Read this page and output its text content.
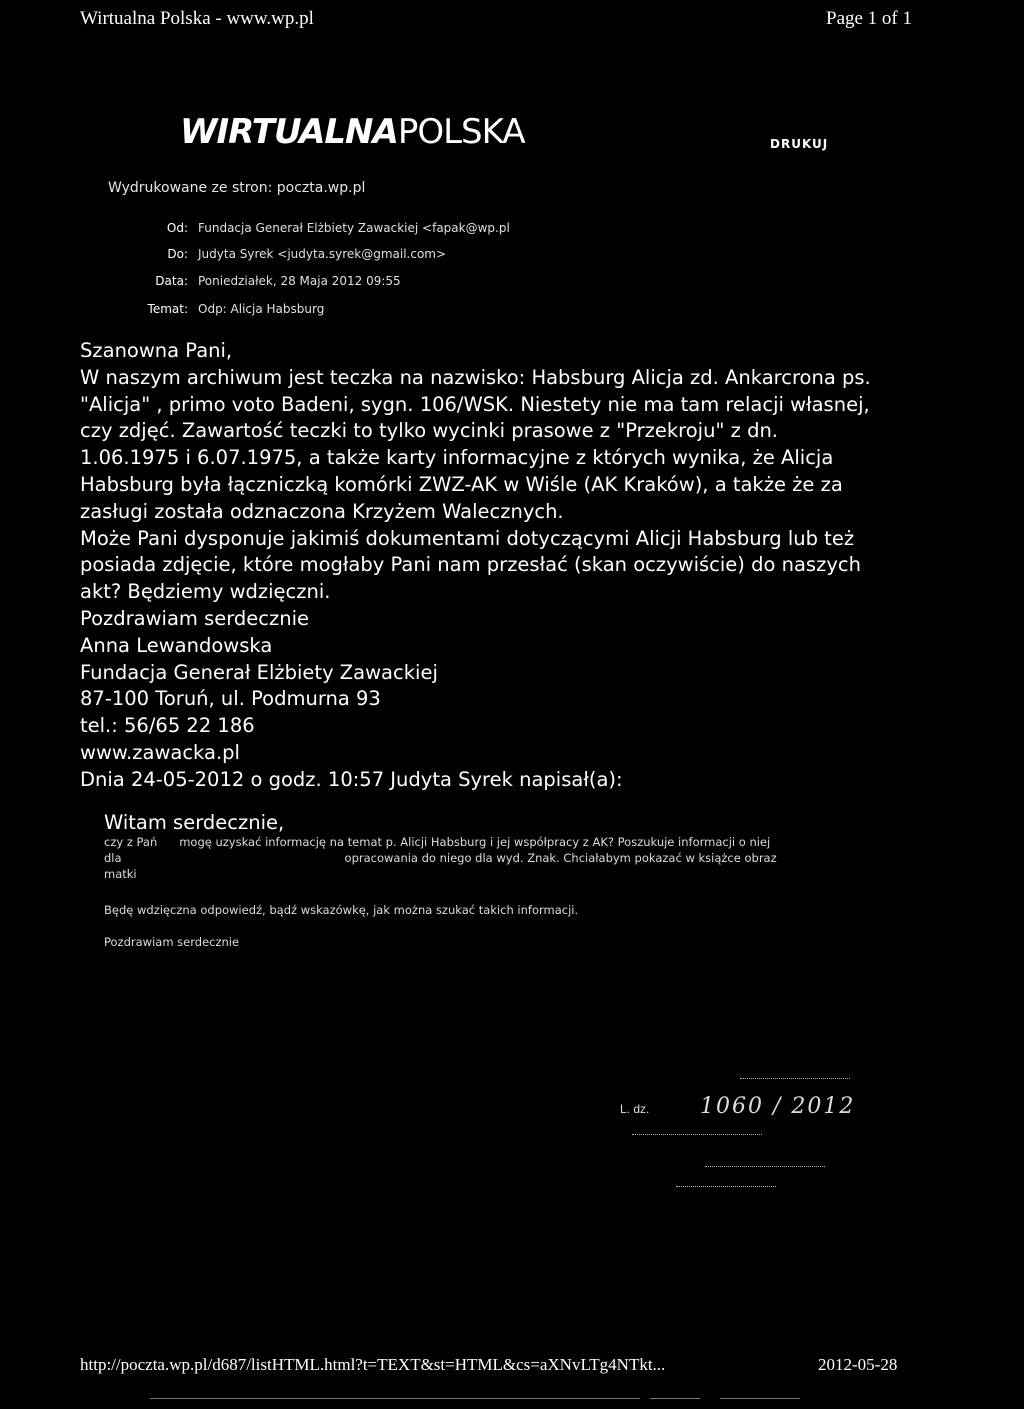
Wirtualna Polska - www.wp.pl	Page 1 of 1
WIRTUALNAPOLSKA	DRUKUJ
Wydrukowane ze stron: poczta.wp.pl
Od: Fundacja Generał Elżbiety Zawackiej <fapak@wp.pl
Do: Judyta Syrek <judyta.syrek@gmail.com>
Data: Poniedziałek, 28 Maja 2012 09:55
Temat: Odp: Alicja Habsburg
Szanowna Pani,
W naszym archiwum jest teczka na nazwisko: Habsburg Alicja zd. Ankarcrona ps.
"Alicja" , primo voto Badeni, sygn. 106/WSK. Niestety nie ma tam relacji własnej,
czy zdjęć. Zawartość teczki to tylko wycinki prasowe z "Przekroju" z dn.
1.06.1975 i 6.07.1975, a także karty informacyjne z których wynika, że Alicja
Habsburg była łączniczką komórki ZWZ-AK w Wiśle (AK Kraków), a także że za
zasługi została odznaczona Krzyżem Walecznych.
Może Pani dysponuje jakimiś dokumentami dotyczącymi Alicji Habsburg lub też
posiada zdjęcie, które mogłaby Pani nam przesłać (skan oczywiście) do naszych
akt? Będziemy wdzięczni.
Pozdrawiam serdecznie
Anna Lewandowska
Fundacja Generał Elżbiety Zawackiej
87-100 Toruń, ul. Podmurna 93
tel.: 56/65 22 186
www.zawacka.pl
Dnia 24-05-2012 o godz. 10:57 Judyta Syrek napisał(a):
Witam serdecznie,
czy z Pań      mogę uzyskać informację na temat p. Alicji Habsburg i jej współpracy z AK? Poszukuje informacji o niej
dla                                                             opracowania do niego dla wyd. Znak. Chciałabym pokazać w książce obraz
matki
Będę wdzięczna odpowiedź, bądź wskazówkę, jak można szukać takich informacji.
Pozdrawiam serdecznie
L. dz. 1060 / 2012
http://poczta.wp.pl/d687/listHTML.html?t=TEXT&st=HTML&cs=aXNvLTg4NTkt...	2012-05-28
